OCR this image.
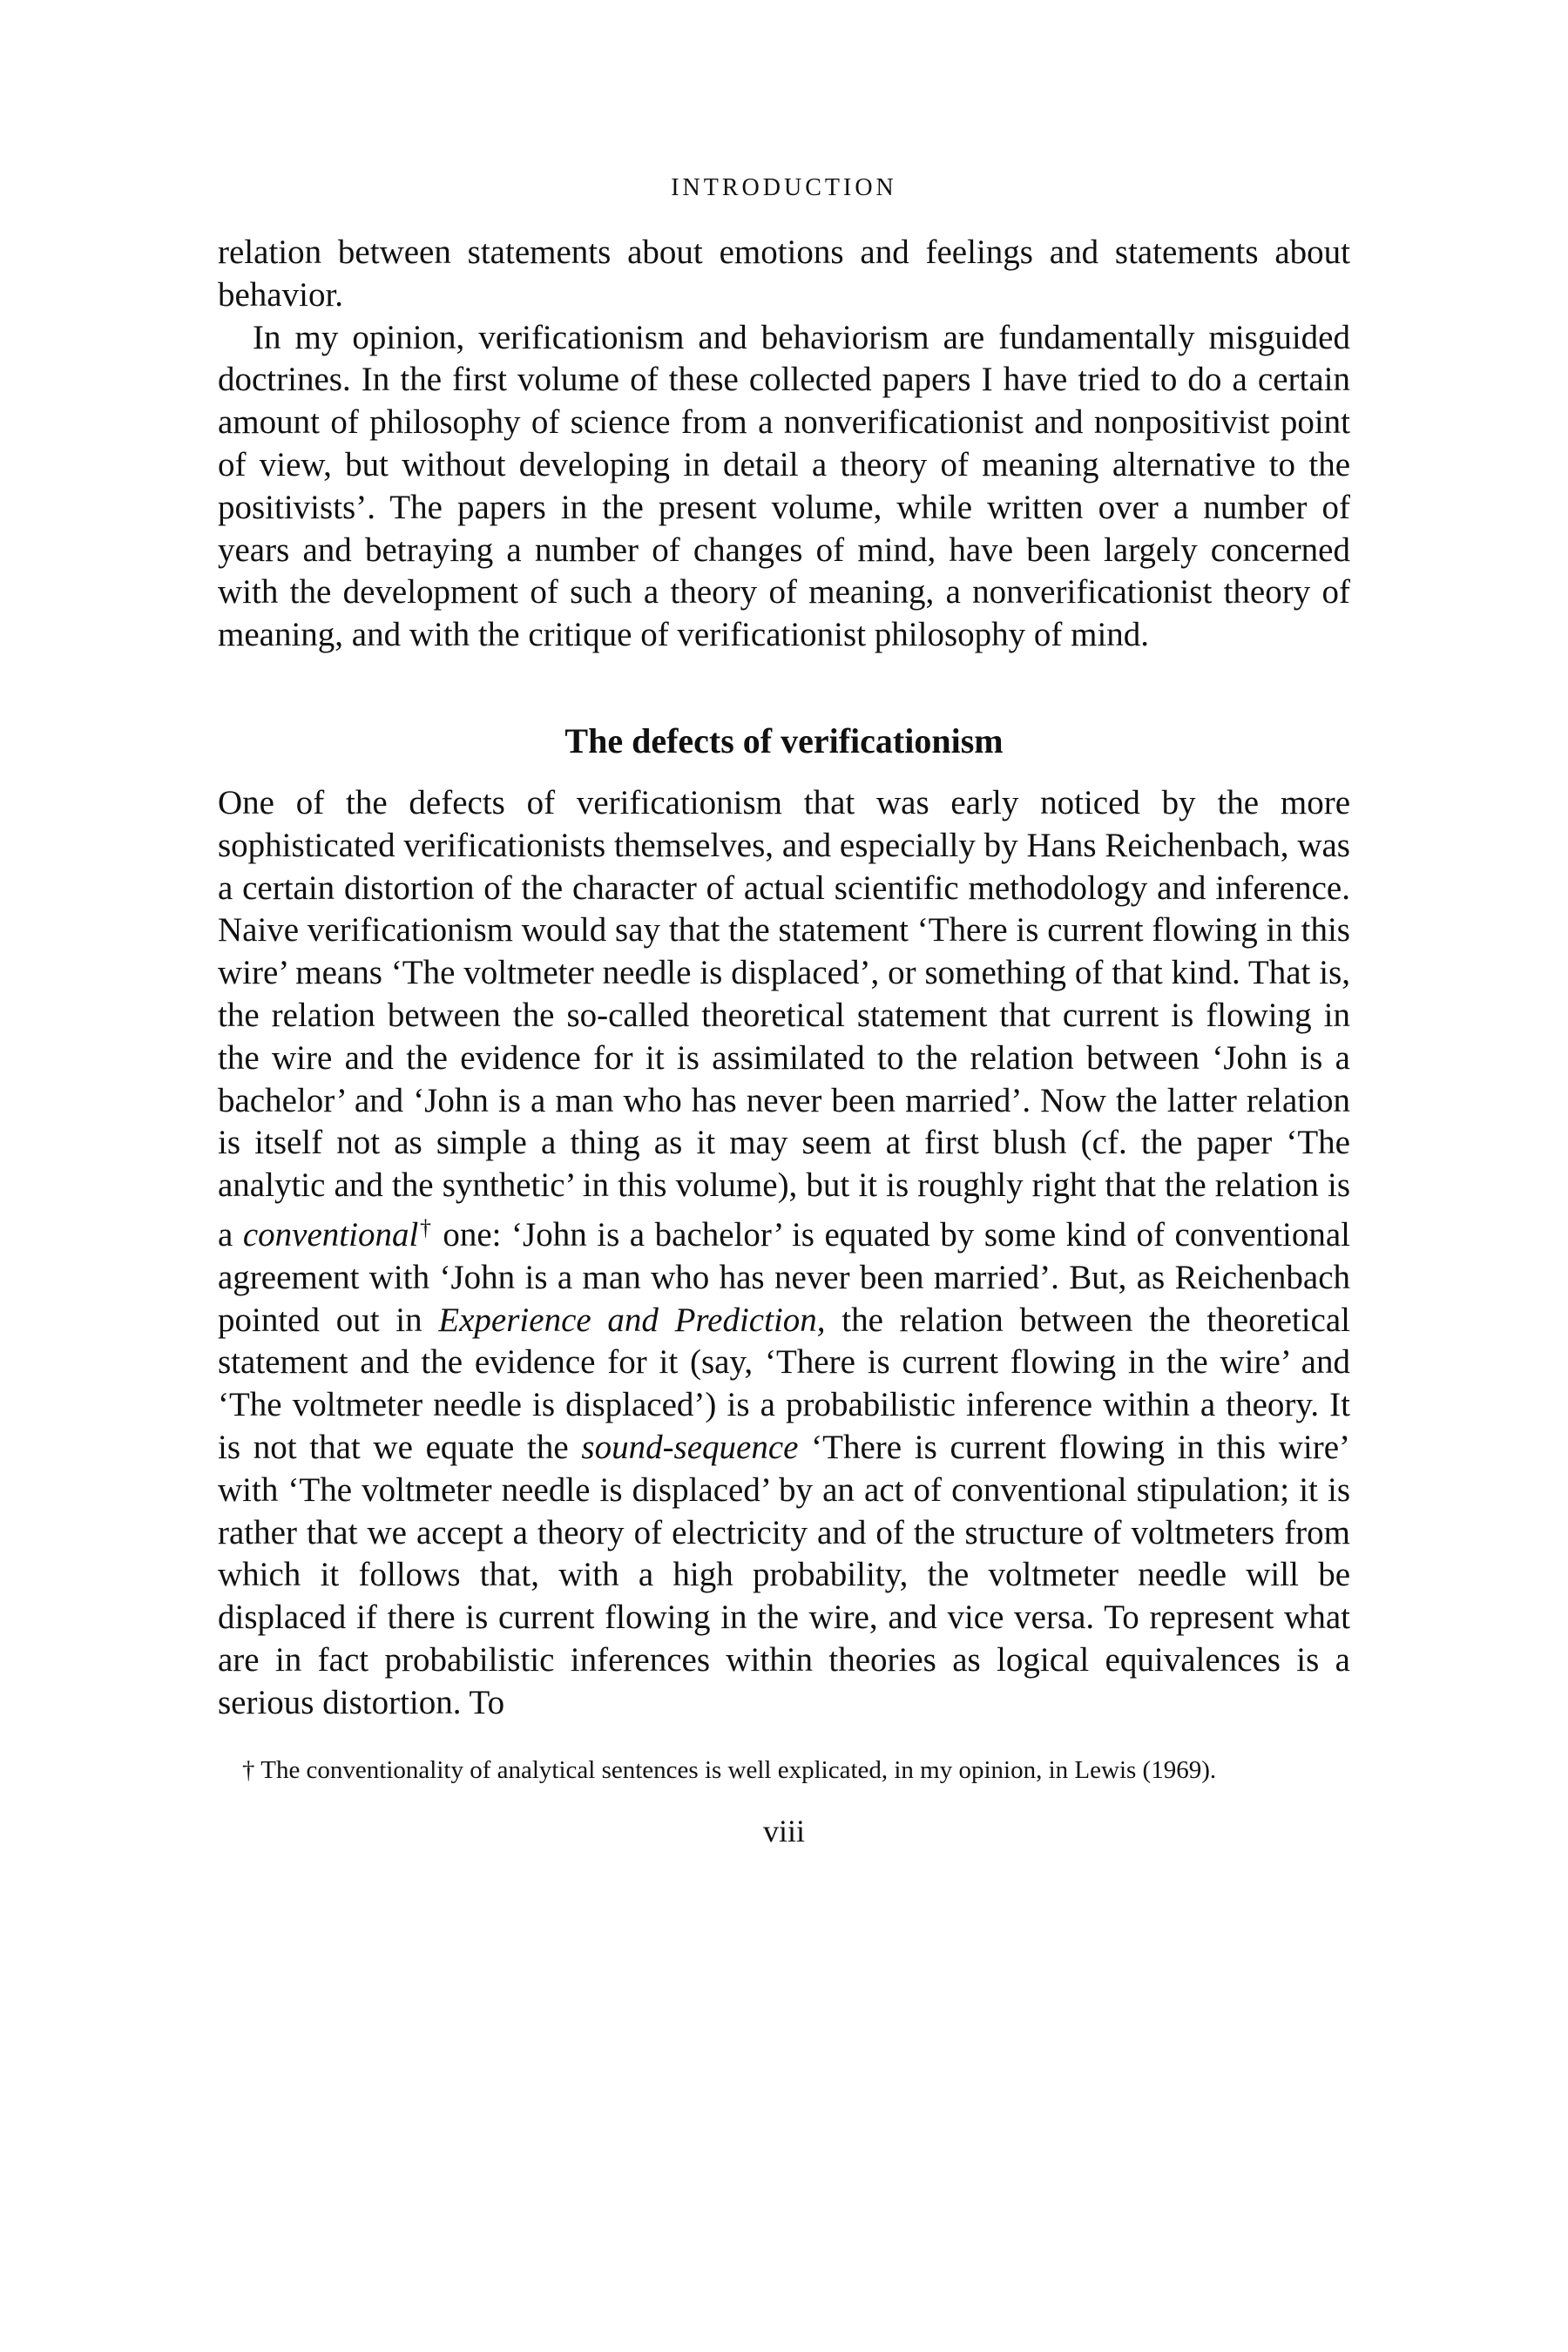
INTRODUCTION

relation between statements about emotions and feelings and statements about behavior.

In my opinion, verificationism and behaviorism are fundamentally misguided doctrines. In the first volume of these collected papers I have tried to do a certain amount of philosophy of science from a nonverificationist and nonpositivist point of view, but without developing in detail a theory of meaning alternative to the positivists’. The papers in the present volume, while written over a number of years and betraying a number of changes of mind, have been largely concerned with the development of such a theory of meaning, a nonverificationist theory of meaning, and with the critique of verificationist philosophy of mind.

The defects of verificationism

One of the defects of verificationism that was early noticed by the more sophisticated verificationists themselves, and especially by Hans Reichenbach, was a certain distortion of the character of actual scientific methodology and inference. Naive verificationism would say that the statement ‘There is current flowing in this wire’ means ‘The voltmeter needle is displaced’, or something of that kind. That is, the relation between the so-called theoretical statement that current is flowing in the wire and the evidence for it is assimilated to the relation between ‘John is a bachelor’ and ‘John is a man who has never been married’. Now the latter relation is itself not as simple a thing as it may seem at first blush (cf. the paper ‘The analytic and the synthetic’ in this volume), but it is roughly right that the relation is a conventional† one: ‘John is a bachelor’ is equated by some kind of conventional agreement with ‘John is a man who has never been married’. But, as Reichenbach pointed out in Experience and Prediction, the relation between the theoretical statement and the evidence for it (say, ‘There is current flowing in the wire’ and ‘The voltmeter needle is displaced’) is a probabilistic inference within a theory. It is not that we equate the sound-sequence ‘There is current flowing in this wire’ with ‘The voltmeter needle is displaced’ by an act of conventional stipulation; it is rather that we accept a theory of electricity and of the structure of voltmeters from which it follows that, with a high probability, the voltmeter needle will be displaced if there is current flowing in the wire, and vice versa. To represent what are in fact probabilistic inferences within theories as logical equivalences is a serious distortion. To

† The conventionality of analytical sentences is well explicated, in my opinion, in Lewis (1969).

viii
